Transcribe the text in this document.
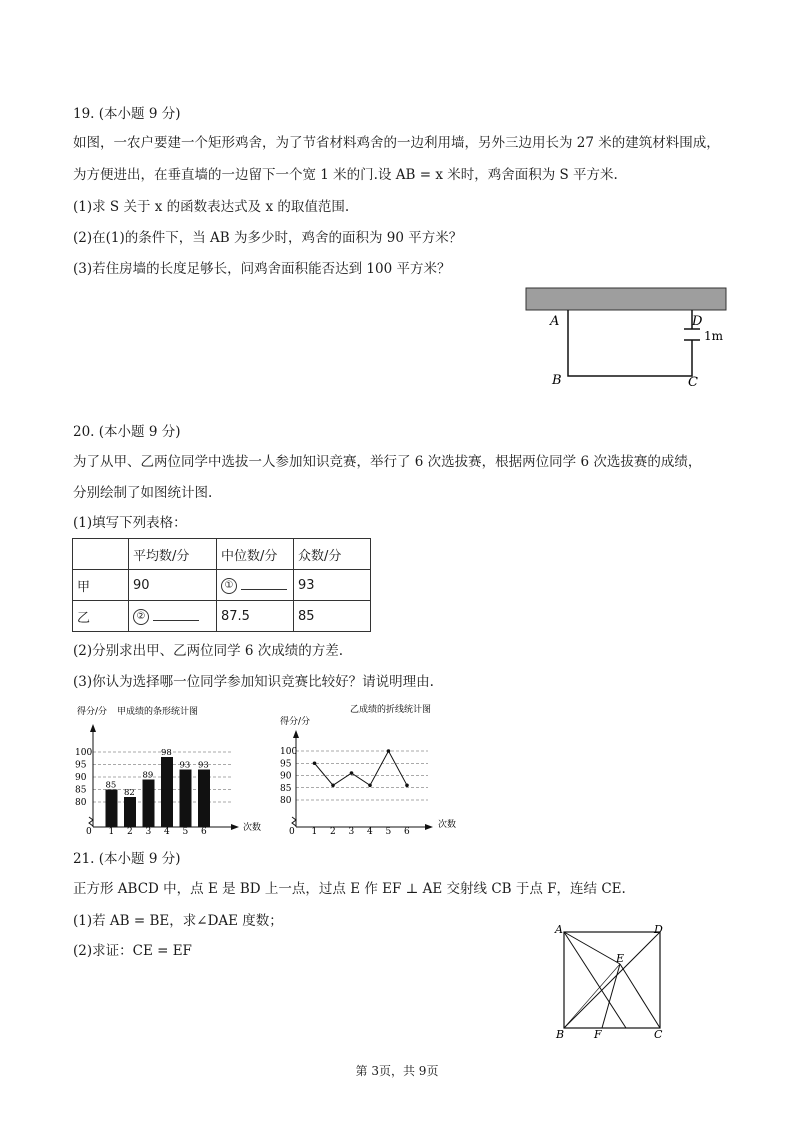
19. (本小题 9 分)
如图，一农户要建一个矩形鸡舍，为了节省材料鸡舍的一边利用墙，另外三边用长为 27 米的建筑材料围成，
为方便进出，在垂直墙的一边留下一个宽 1 米的门.设 AB = x 米时，鸡舍面积为 S 平方米.
(1)求 S 关于 x 的函数表达式及 x 的取值范围.
(2)在(1)的条件下，当 AB 为多少时，鸡舍的面积为 90 平方米？
(3)若住房墙的长度足够长，问鸡舍面积能否达到 100 平方米？
A	D
1m
B	C
20. (本小题 9 分)
为了从甲、乙两位同学中选拔一人参加知识竞赛，举行了 6 次选拔赛，根据两位同学 6 次选拔赛的成绩，
分别绘制了如图统计图.
(1)填写下列表格：
	平均数/分	中位数/分	众数/分
甲	90	①	93
乙	②	87.5	85
(2)分别求出甲、乙两位同学 6 次成绩的方差.
(3)你认为选择哪一位同学参加知识竞赛比较好？请说明理由.
得分/分 甲成绩的条形统计图
85
82
89
98
93 93
80
85
90
95
100
1 2 3 4 5 6
0	次数
得分/分
乙成绩的折线统计图
80
85
90
95
100
1 2 3 4 5 6
0
次数
21. (本小题 9 分)
正方形 ABCD 中，点 E 是 BD 上一点，过点 E 作 EF ⊥ AE 交射线 CB 于点 F，连结 CE.
(1)若 AB = BE，求∠DAE 度数；
(2)求证：CE = EF
A	D
E
B	F	C
第 3页，共 9页
